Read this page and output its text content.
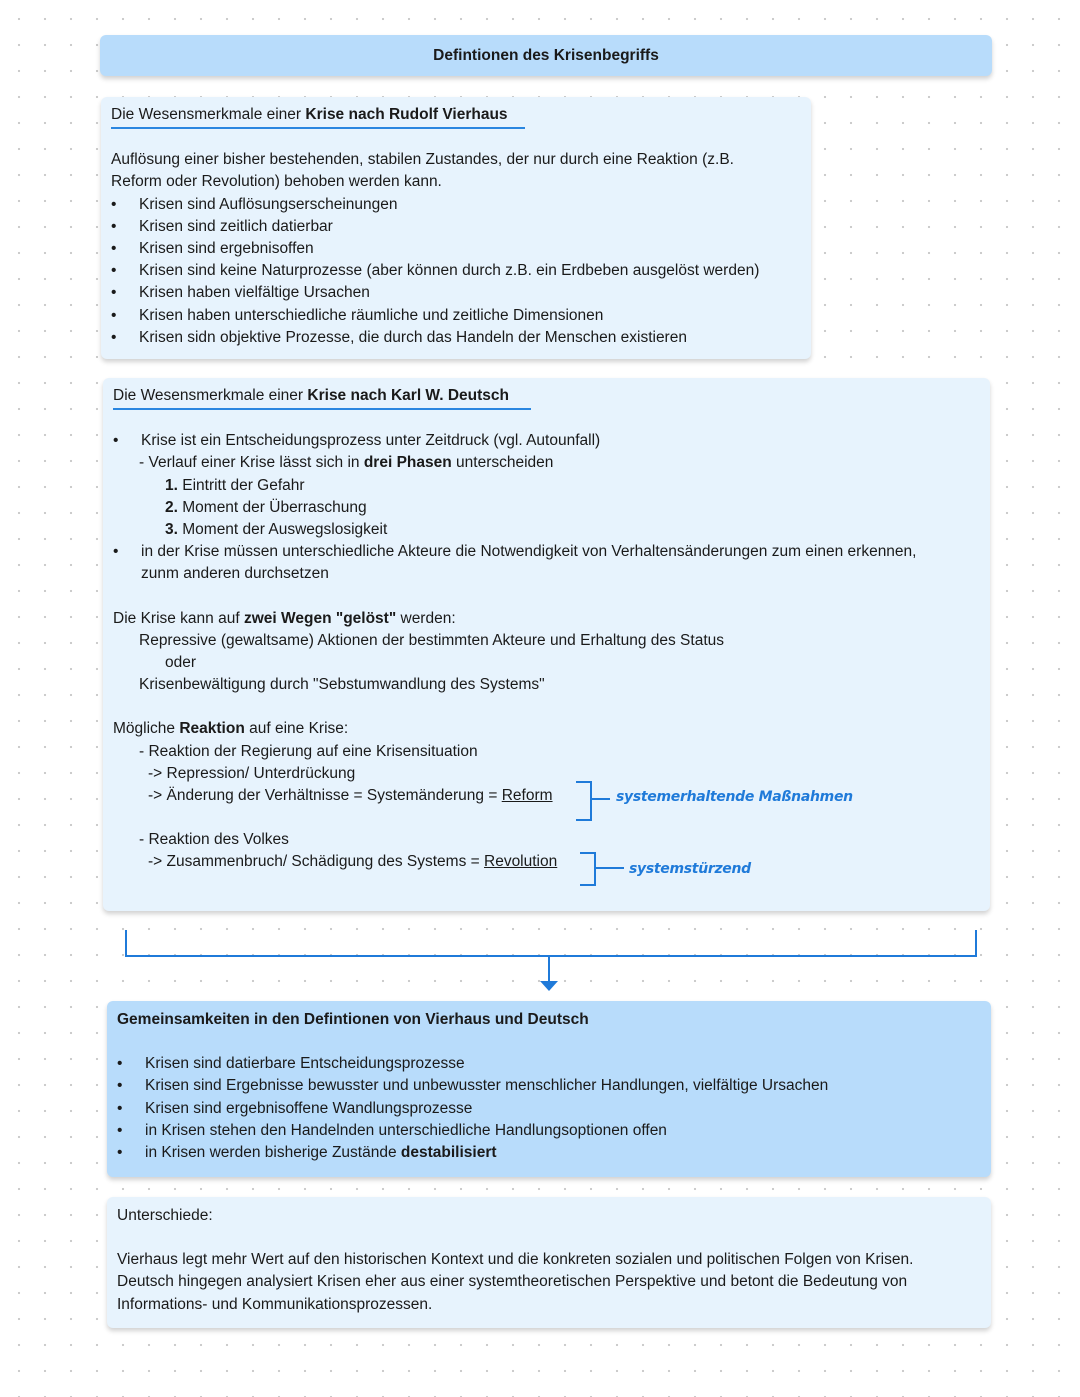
Defintionen des Krisenbegriffs
Die Wesensmerkmale einer Krise nach Rudolf Vierhaus
Auflösung einer bisher bestehenden, stabilen Zustandes, der nur durch eine Reaktion (z.B.
Reform oder Revolution) behoben werden kann.
• Krisen sind Auflösungserscheinungen
• Krisen sind zeitlich datierbar
• Krisen sind ergebnisoffen
• Krisen sind keine Naturprozesse (aber können durch z.B. ein Erdbeben ausgelöst werden)
• Krisen haben vielfältige Ursachen
• Krisen haben unterschiedliche räumliche und zeitliche Dimensionen
• Krisen sidn objektive Prozesse, die durch das Handeln der Menschen existieren
Die Wesensmerkmale einer Krise nach Karl W. Deutsch
• Krise ist ein Entscheidungsprozess unter Zeitdruck (vgl. Autounfall)
- Verlauf einer Krise lässt sich in drei Phasen unterscheiden
1. Eintritt der Gefahr
2. Moment der Überraschung
3. Moment der Auswegslosigkeit
• in der Krise müssen unterschiedliche Akteure die Notwendigkeit von Verhaltensänderungen zum einen erkennen,
zunm anderen durchsetzen
Die Krise kann auf zwei Wegen "gelöst" werden:
Repressive (gewaltsame) Aktionen der bestimmten Akteure und Erhaltung des Status
oder
Krisenbewältigung durch "Sebstumwandlung des Systems"
Mögliche Reaktion auf eine Krise:
- Reaktion der Regierung auf eine Krisensituation
-> Repression/ Unterdrückung
-> Änderung der Verhältnisse = Systemänderung = Reform
- Reaktion des Volkes
-> Zusammenbruch/ Schädigung des Systems = Revolution
systemerhaltende Maßnahmen
systemstürzend
Gemeinsamkeiten in den Defintionen von Vierhaus und Deutsch
• Krisen sind datierbare Entscheidungsprozesse
• Krisen sind Ergebnisse bewusster und unbewusster menschlicher Handlungen, vielfältige Ursachen
• Krisen sind ergebnisoffene Wandlungsprozesse
• in Krisen stehen den Handelnden unterschiedliche Handlungsoptionen offen
• in Krisen werden bisherige Zustände destabilisiert
Unterschiede:
Vierhaus legt mehr Wert auf den historischen Kontext und die konkreten sozialen und politischen Folgen von Krisen.
Deutsch hingegen analysiert Krisen eher aus einer systemtheoretischen Perspektive und betont die Bedeutung von
Informations- und Kommunikationsprozessen.
